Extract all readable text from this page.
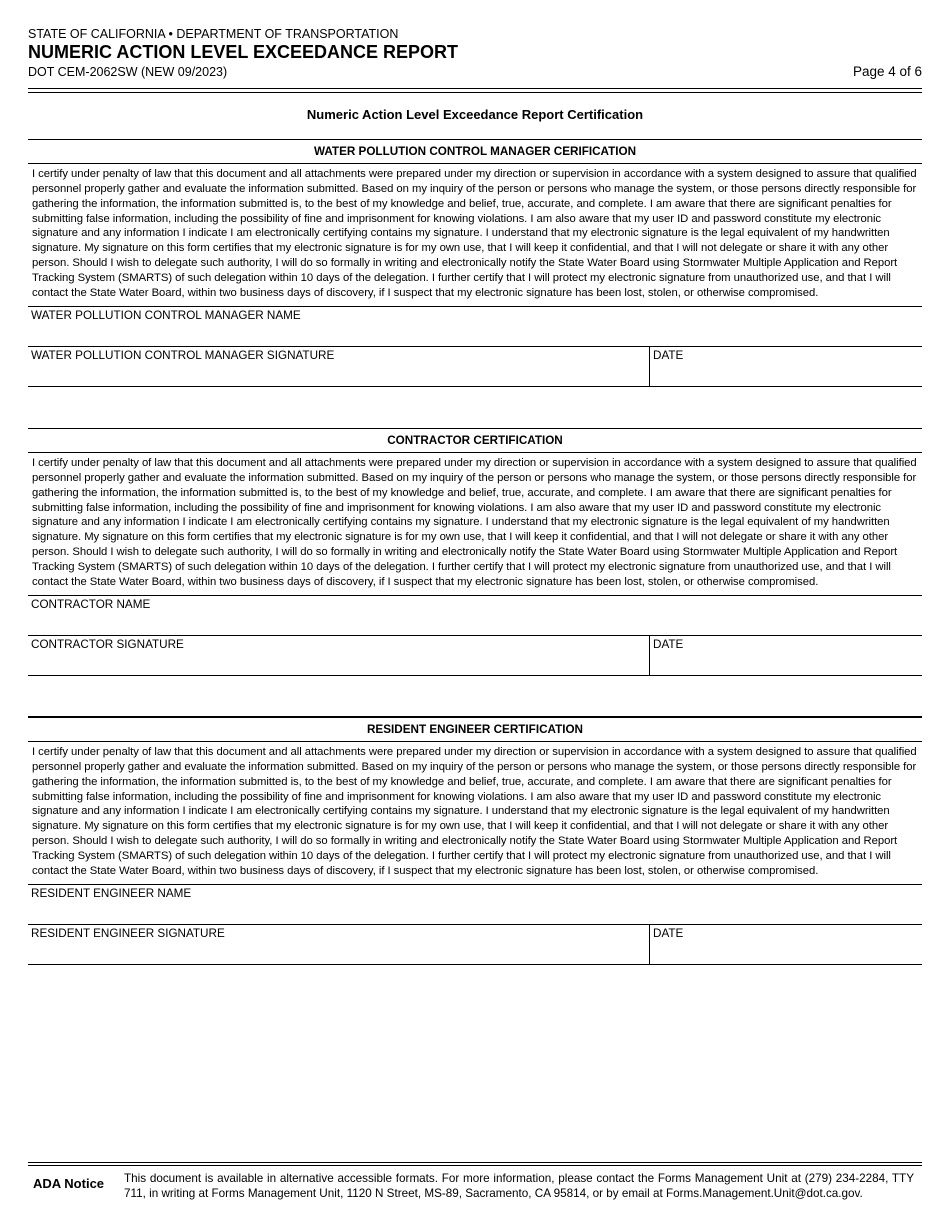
STATE OF CALIFORNIA • DEPARTMENT OF TRANSPORTATION
NUMERIC ACTION LEVEL EXCEEDANCE REPORT
DOT CEM-2062SW (NEW 09/2023)	Page 4 of 6
Numeric Action Level Exceedance Report Certification
WATER POLLUTION CONTROL MANAGER CERIFICATION
I certify under penalty of law that this document and all attachments were prepared under my direction or supervision in accordance with a system designed to assure that qualified personnel properly gather and evaluate the information submitted. Based on my inquiry of the person or persons who manage the system, or those persons directly responsible for gathering the information, the information submitted is, to the best of my knowledge and belief, true, accurate, and complete. I am aware that there are significant penalties for submitting false information, including the possibility of fine and imprisonment for knowing violations. I am also aware that my user ID and password constitute my electronic signature and any information I indicate I am electronically certifying contains my signature. I understand that my electronic signature is the legal equivalent of my handwritten signature. My signature on this form certifies that my electronic signature is for my own use, that I will keep it confidential, and that I will not delegate or share it with any other person. Should I wish to delegate such authority, I will do so formally in writing and electronically notify the State Water Board using Stormwater Multiple Application and Report Tracking System (SMARTS) of such delegation within 10 days of the delegation. I further certify that I will protect my electronic signature from unauthorized use, and that I will contact the State Water Board, within two business days of discovery, if I suspect that my electronic signature has been lost, stolen, or otherwise compromised.
WATER POLLUTION CONTROL MANAGER NAME
WATER POLLUTION CONTROL MANAGER SIGNATURE	DATE
CONTRACTOR CERTIFICATION
I certify under penalty of law that this document and all attachments were prepared under my direction or supervision in accordance with a system designed to assure that qualified personnel properly gather and evaluate the information submitted. Based on my inquiry of the person or persons who manage the system, or those persons directly responsible for gathering the information, the information submitted is, to the best of my knowledge and belief, true, accurate, and complete. I am aware that there are significant penalties for submitting false information, including the possibility of fine and imprisonment for knowing violations. I am also aware that my user ID and password constitute my electronic signature and any information I indicate I am electronically certifying contains my signature. I understand that my electronic signature is the legal equivalent of my handwritten signature. My signature on this form certifies that my electronic signature is for my own use, that I will keep it confidential, and that I will not delegate or share it with any other person. Should I wish to delegate such authority, I will do so formally in writing and electronically notify the State Water Board using Stormwater Multiple Application and Report Tracking System (SMARTS) of such delegation within 10 days of the delegation. I further certify that I will protect my electronic signature from unauthorized use, and that I will contact the State Water Board, within two business days of discovery, if I suspect that my electronic signature has been lost, stolen, or otherwise compromised.
CONTRACTOR NAME
CONTRACTOR SIGNATURE	DATE
RESIDENT ENGINEER CERTIFICATION
I certify under penalty of law that this document and all attachments were prepared under my direction or supervision in accordance with a system designed to assure that qualified personnel properly gather and evaluate the information submitted. Based on my inquiry of the person or persons who manage the system, or those persons directly responsible for gathering the information, the information submitted is, to the best of my knowledge and belief, true, accurate, and complete. I am aware that there are significant penalties for submitting false information, including the possibility of fine and imprisonment for knowing violations. I am also aware that my user ID and password constitute my electronic signature and any information I indicate I am electronically certifying contains my signature. I understand that my electronic signature is the legal equivalent of my handwritten signature. My signature on this form certifies that my electronic signature is for my own use, that I will keep it confidential, and that I will not delegate or share it with any other person. Should I wish to delegate such authority, I will do so formally in writing and electronically notify the State Water Board using Stormwater Multiple Application and Report Tracking System (SMARTS) of such delegation within 10 days of the delegation. I further certify that I will protect my electronic signature from unauthorized use, and that I will contact the State Water Board, within two business days of discovery, if I suspect that my electronic signature has been lost, stolen, or otherwise compromised.
RESIDENT ENGINEER NAME
RESIDENT ENGINEER SIGNATURE	DATE
ADA Notice This document is available in alternative accessible formats. For more information, please contact the Forms Management Unit at (279) 234-2284, TTY 711, in writing at Forms Management Unit, 1120 N Street, MS-89, Sacramento, CA 95814, or by email at Forms.Management.Unit@dot.ca.gov.
